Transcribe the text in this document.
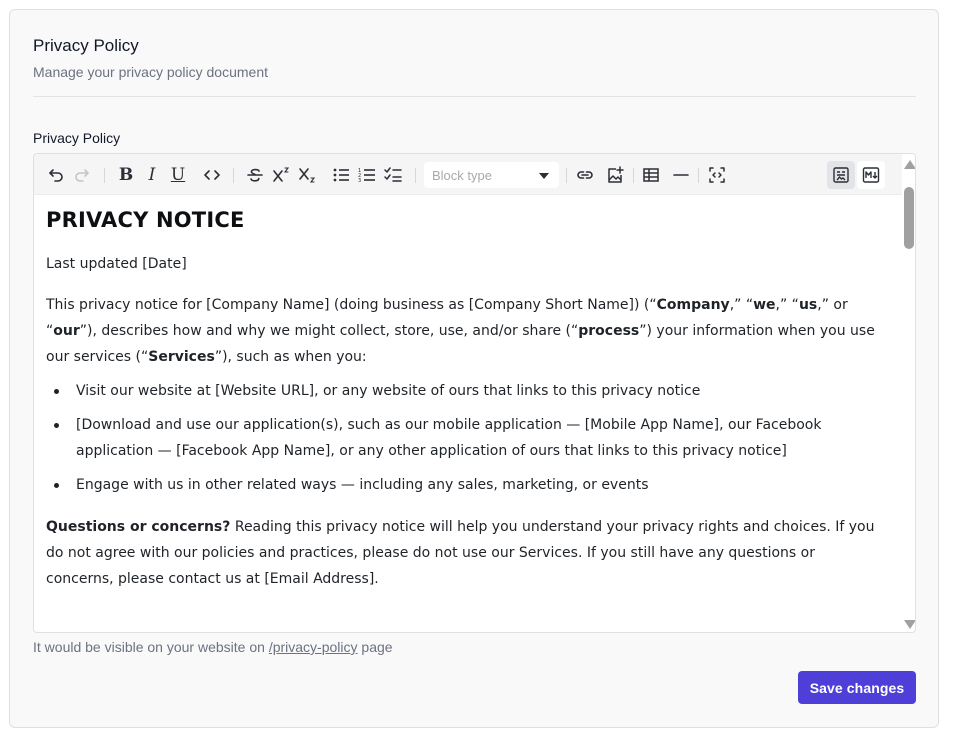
Privacy Policy
Manage your privacy policy document
Privacy Policy
B I U	1
2
3	Block type
PRIVACY NOTICE

Last updated [Date]

This privacy notice for [Company Name] (doing business as [Company Short Name]) (“Company,” “we,” “us,” or “our”), describes how and why we might collect, store, use, and/or share (“process”) your information when you use our services (“Services”), such as when you:

Visit our website at [Website URL], or any website of ours that links to this privacy notice
[Download and use our application(s), such as our mobile application — [Mobile App Name], our Facebook application — [Facebook App Name], or any other application of ours that links to this privacy notice]
Engage with us in other related ways — including any sales, marketing, or events

Questions or concerns? Reading this privacy notice will help you understand your privacy rights and choices. If you do not agree with our policies and practices, please do not use our Services. If you still have any questions or concerns, please contact us at [Email Address].

It would be visible on your website on /privacy-policy page
Save changes
